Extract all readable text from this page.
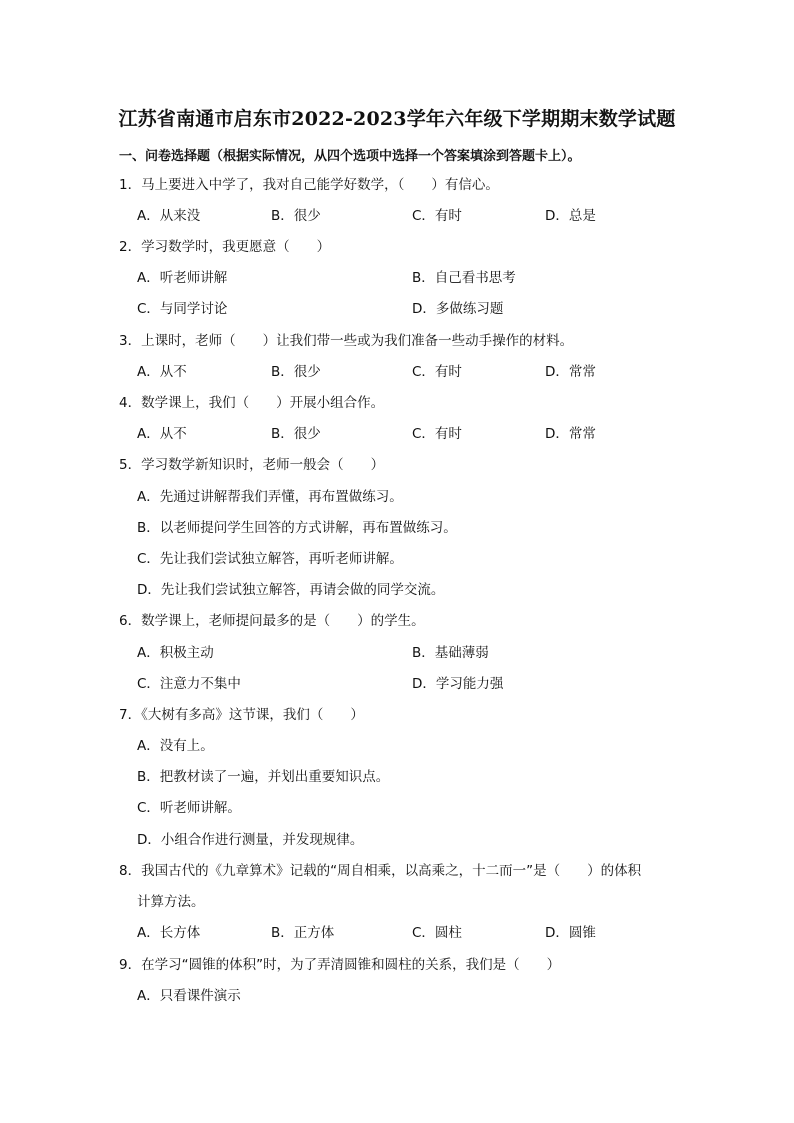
江苏省南通市启东市2022-2023学年六年级下学期期末数学试题
一、问卷选择题（根据实际情况，从四个选项中选择一个答案填涂到答题卡上）。
1．马上要进入中学了，我对自己能学好数学，（　　）有信心。
A．从来没	B．很少	C．有时	D．总是
2．学习数学时，我更愿意（　　）
A．听老师讲解	B．自己看书思考
C．与同学讨论	D．多做练习题
3．上课时，老师（　　）让我们带一些或为我们准备一些动手操作的材料。
A．从不	B．很少	C．有时	D．常常
4．数学课上，我们（　　）开展小组合作。
A．从不	B．很少	C．有时	D．常常
5．学习数学新知识时，老师一般会（　　）
A．先通过讲解帮我们弄懂，再布置做练习。
B．以老师提问学生回答的方式讲解，再布置做练习。
C．先让我们尝试独立解答，再听老师讲解。
D．先让我们尝试独立解答，再请会做的同学交流。
6．数学课上，老师提问最多的是（　　）的学生。
A．积极主动	B．基础薄弱
C．注意力不集中	D．学习能力强
7．《大树有多高》这节课，我们（　　）
A．没有上。
B．把教材读了一遍，并划出重要知识点。
C．听老师讲解。
D．小组合作进行测量，并发现规律。
8．我国古代的《九章算术》记载的“周自相乘，以高乘之，十二而一”是（　　）的体积
计算方法。
A．长方体	B．正方体	C．圆柱	D．圆锥
9．在学习“圆锥的体积”时，为了弄清圆锥和圆柱的关系，我们是（　　）
A．只看课件演示
